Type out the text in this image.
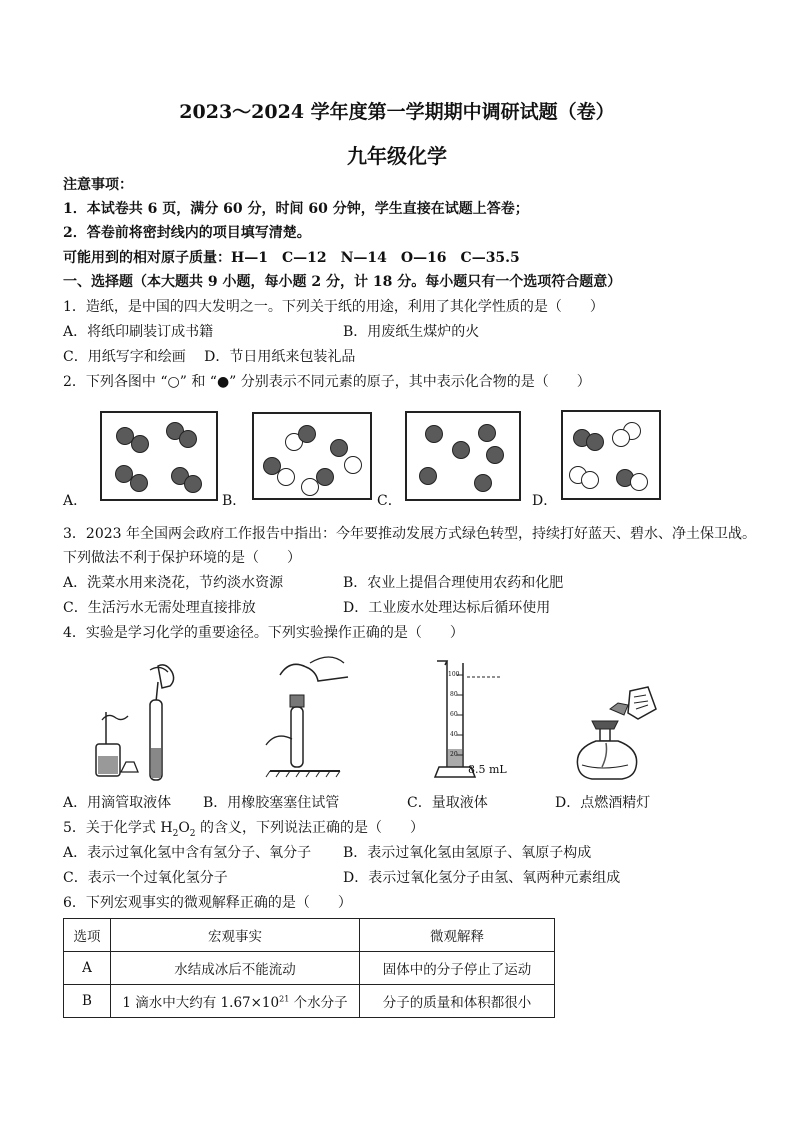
2023～2024 学年度第一学期期中调研试题（卷）
九年级化学
注意事项：
1．本试卷共 6 页，满分 60 分，时间 60 分钟，学生直接在试题上答卷；
2．答卷前将密封线内的项目填写清楚。
可能用到的相对原子质量：H—1　C—12　N—14　O—16　C—35.5
一、选择题（本大题共 9 小题，每小题 2 分，计 18 分。每小题只有一个选项符合题意）
1．造纸，是中国的四大发明之一。下列关于纸的用途，利用了其化学性质的是（　　）
A．将纸印刷装订成书籍	B．用废纸生煤炉的火
C．用纸写字和绘画　 D．节日用纸来包装礼品
2．下列各图中 “○” 和 “●” 分别表示不同元素的原子，其中表示化合物的是（　　）
A．	B．	C．	D．
3．2023 年全国两会政府工作报告中指出：今年要推动发展方式绿色转型，持续打好蓝天、碧水、净土保卫战。
下列做法不利于保护环境的是（　　）
A．洗菜水用来浇花，节约淡水资源	B．农业上提倡合理使用农药和化肥
C．生活污水无需处理直接排放	D．工业废水处理达标后循环使用
4．实验是学习化学的重要途径。下列实验操作正确的是（　　）
100
80
60
40
20
8.5 mL
A．用滴管取液体 B．用橡胶塞塞住试管	C．量取液体	D．点燃酒精灯
5．关于化学式 $H_2O_2$ 的含义，下列说法正确的是（　　）
A．表示过氧化氢中含有氢分子、氧分子 B．表示过氧化氢由氢原子、氧原子构成
C．表示一个过氧化氢分子	D．表示过氧化氢分子由氢、氧两种元素组成
6．下列宏观事实的微观解释正确的是（　　）
选项	宏观事实	微观解释
A	水结成冰后不能流动	固体中的分子停止了运动
B	1 滴水中大约有 $1.67\times 10^{21}$ 个水分子	分子的质量和体积都很小
